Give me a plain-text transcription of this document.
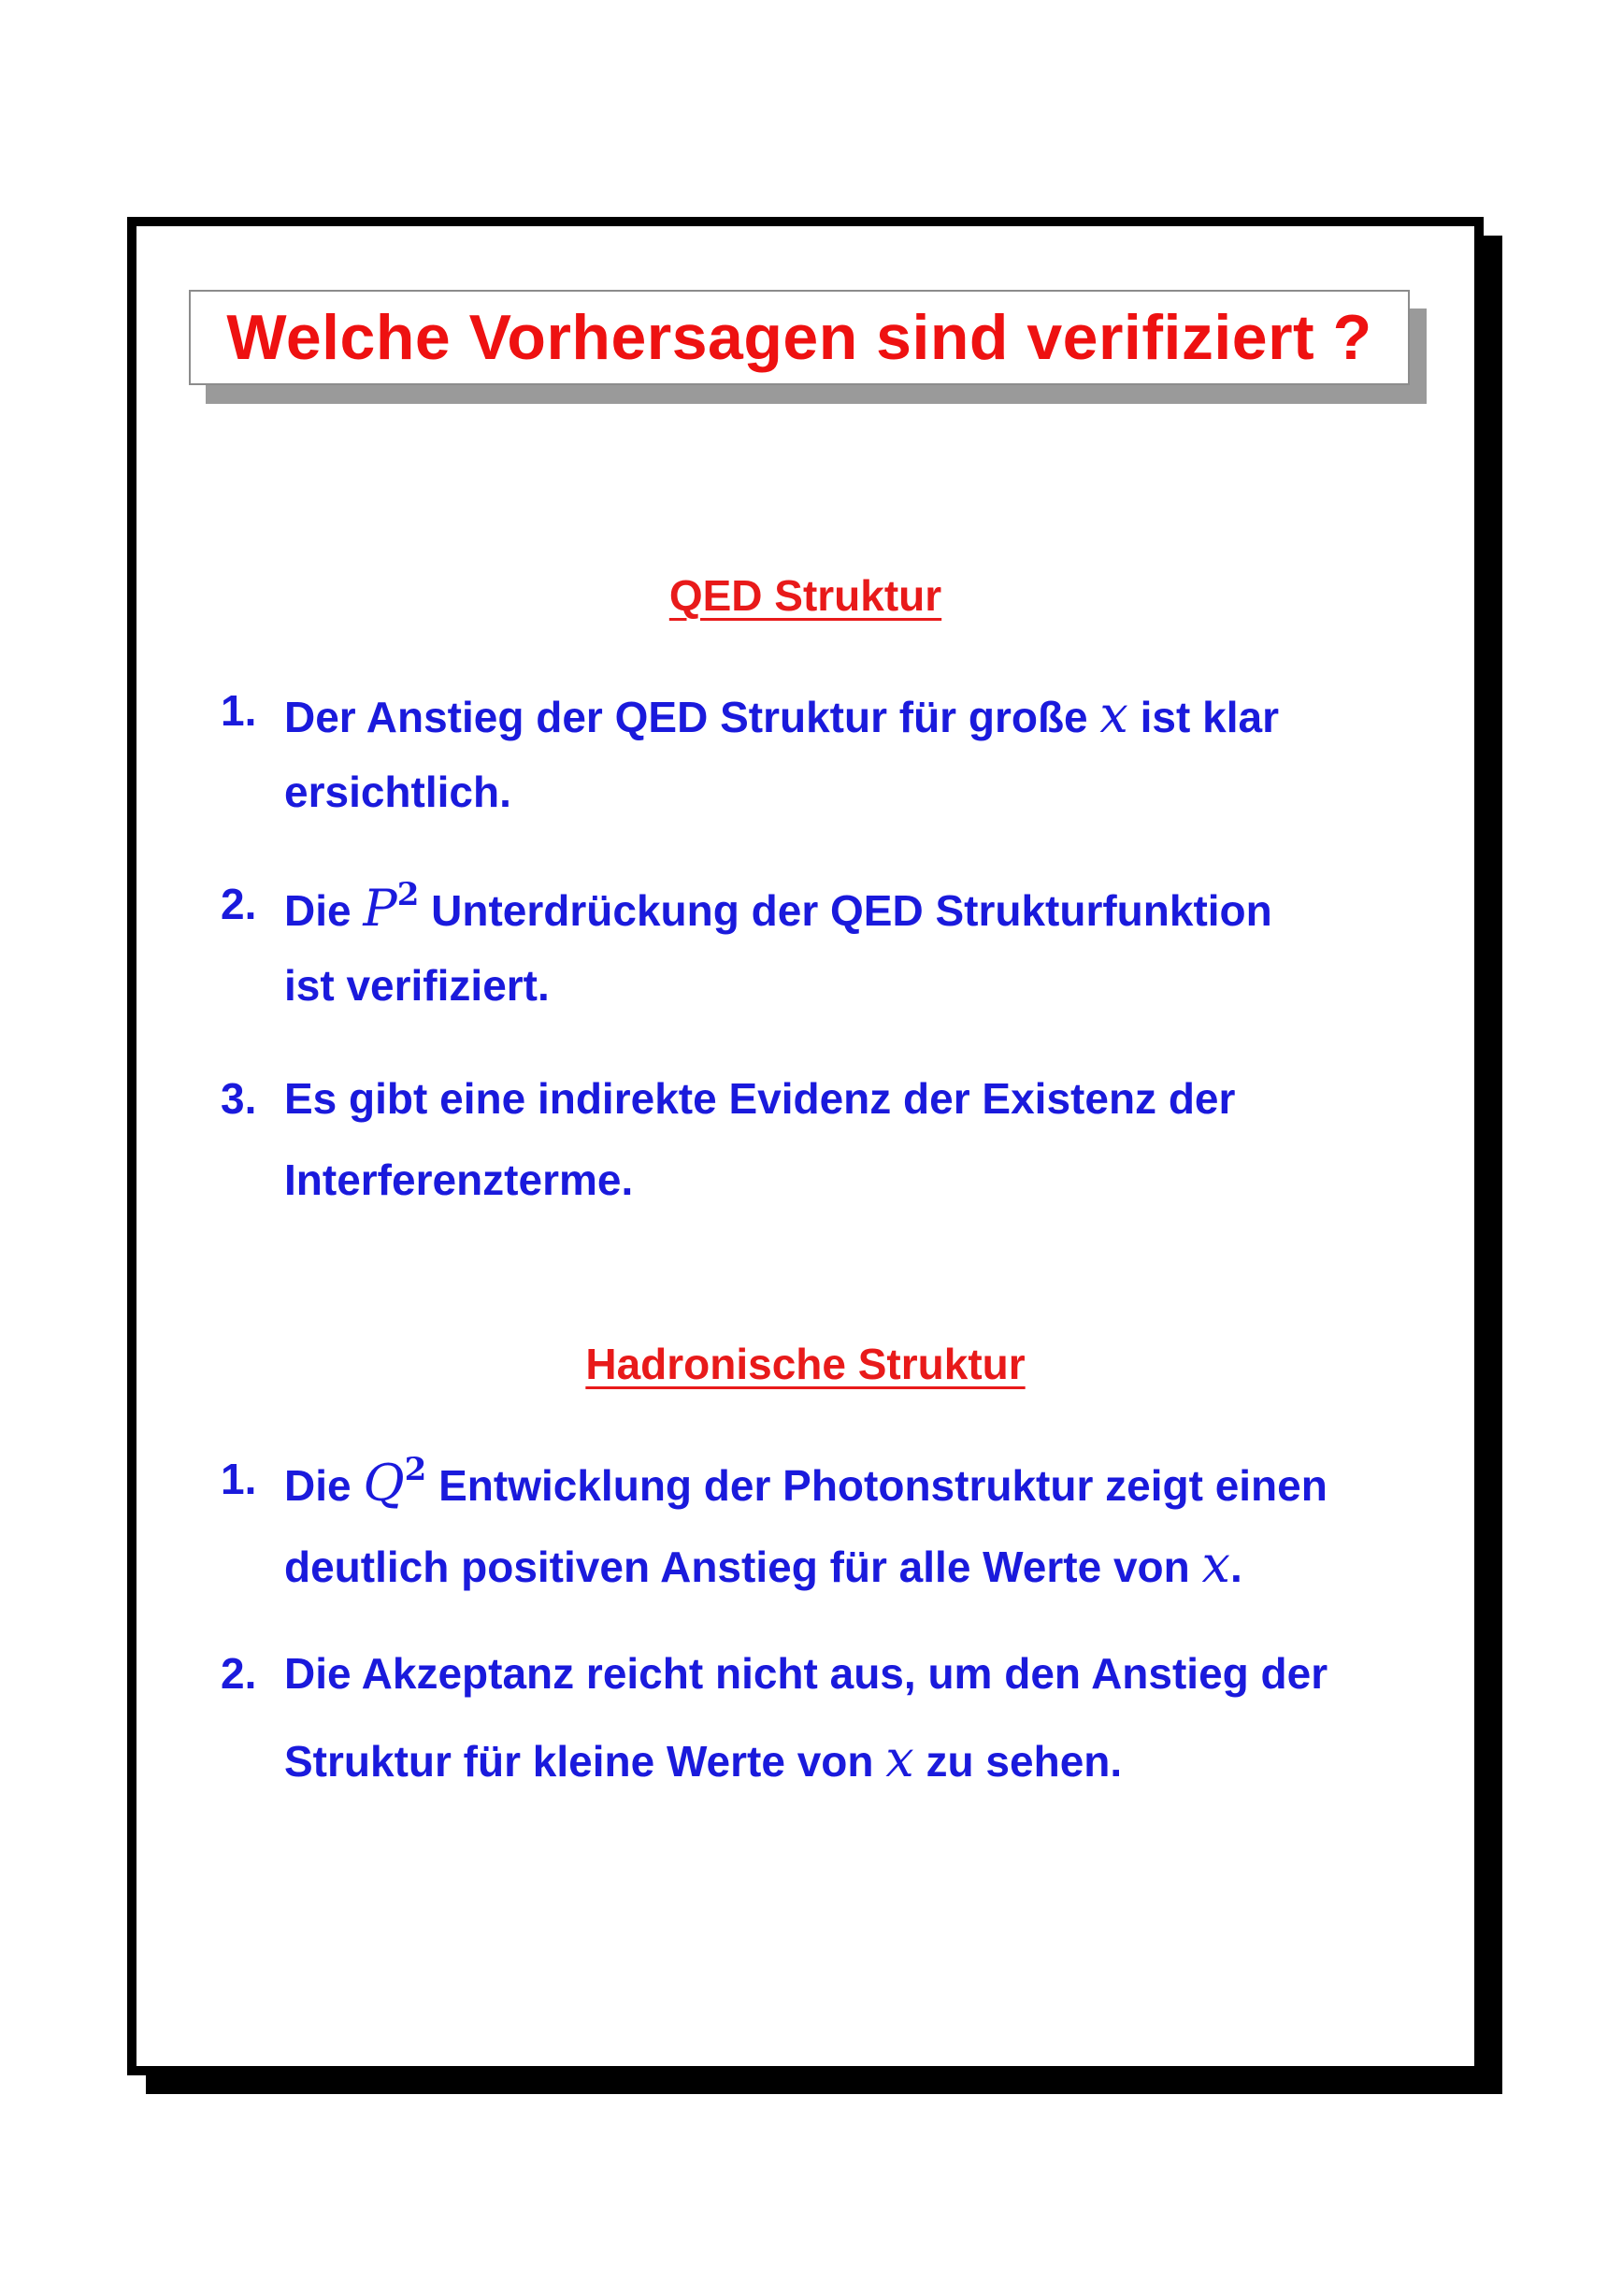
Welche Vorhersagen sind verifiziert ?
QED Struktur
1. Der Anstieg der QED Struktur für große x ist klar
ersichtlich.
2. Die $P^2$ Unterdrückung der QED Strukturfunktion
ist verifiziert.
3. Es gibt eine indirekte Evidenz der Existenz der
Interferenzterme.
Hadronische Struktur
1. Die $Q^2$ Entwicklung der Photonstruktur zeigt einen
deutlich positiven Anstieg für alle Werte von x.
2. Die Akzeptanz reicht nicht aus, um den Anstieg der
Struktur für kleine Werte von x zu sehen.
